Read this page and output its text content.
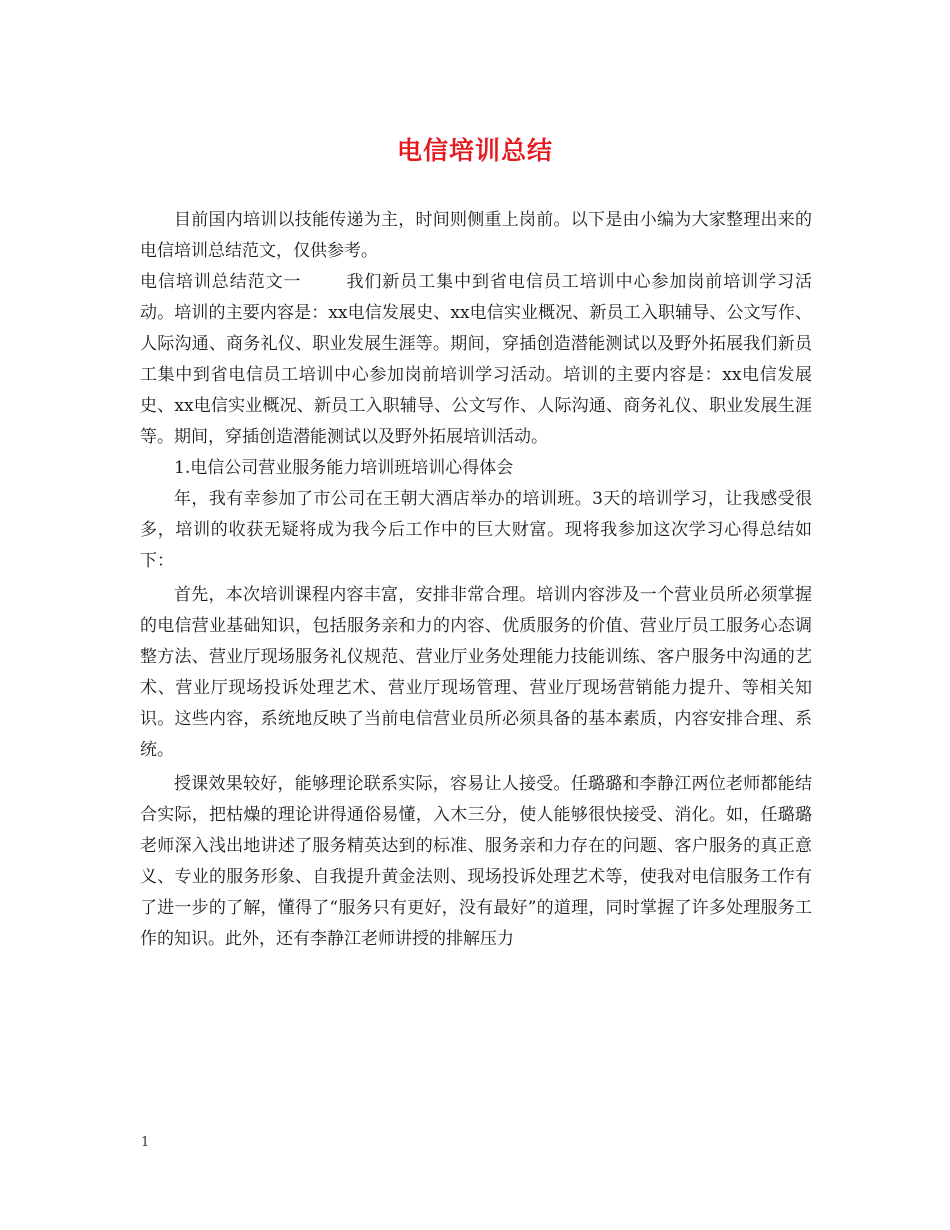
电信培训总结

目前国内培训以技能传递为主，时间则侧重上岗前。以下是由小编为大家整理出来的电信培训总结范文，仅供参考。

电信培训总结范文一	我们新员工集中到省电信员工培训中心参加岗前培训学习活动。培训的主要内容是：xx电信发展史、xx电信实业概况、新员工入职辅导、公文写作、人际沟通、商务礼仪、职业发展生涯等。期间，穿插创造潜能测试以及野外拓展我们新员工集中到省电信员工培训中心参加岗前培训学习活动。培训的主要内容是：xx电信发展史、xx电信实业概况、新员工入职辅导、公文写作、人际沟通、商务礼仪、职业发展生涯等。期间，穿插创造潜能测试以及野外拓展培训活动。

1.电信公司营业服务能力培训班培训心得体会

年，我有幸参加了市公司在王朝大酒店举办的培训班。3天的培训学习，让我感受很多，培训的收获无疑将成为我今后工作中的巨大财富。现将我参加这次学习心得总结如下：

首先，本次培训课程内容丰富，安排非常合理。培训内容涉及一个营业员所必须掌握的电信营业基础知识，包括服务亲和力的内容、优质服务的价值、营业厅员工服务心态调整方法、营业厅现场服务礼仪规范、营业厅业务处理能力技能训练、客户服务中沟通的艺术、营业厅现场投诉处理艺术、营业厅现场管理、营业厅现场营销能力提升、等相关知识。这些内容，系统地反映了当前电信营业员所必须具备的基本素质，内容安排合理、系统。

授课效果较好，能够理论联系实际，容易让人接受。任璐璐和李静江两位老师都能结合实际，把枯燥的理论讲得通俗易懂，入木三分，使人能够很快接受、消化。如，任璐璐老师深入浅出地讲述了服务精英达到的标准、服务亲和力存在的问题、客户服务的真正意义、专业的服务形象、自我提升黄金法则、现场投诉处理艺术等，使我对电信服务工作有了进一步的了解，懂得了“服务只有更好，没有最好”的道理，同时掌握了许多处理服务工作的知识。此外，还有李静江老师讲授的排解压力

1
